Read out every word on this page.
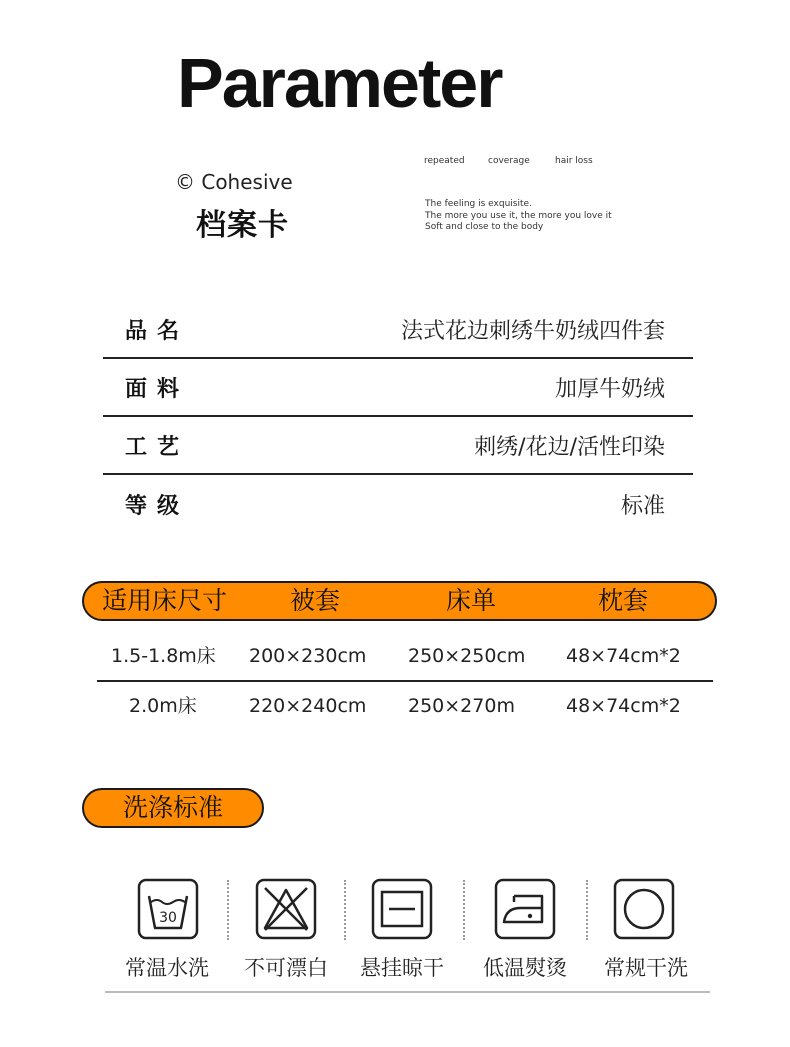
Parameter
© Cohesive
档案卡
repeated	coverage	hair loss
The feeling is exquisite.
The more you use it, the more you love it
Soft and close to the body
品名	法式花边刺绣牛奶绒四件套
面料	加厚牛奶绒
工艺	刺绣/花边/活性印染
等级	标准
适用床尺寸	被套	床单	枕套
1.5-1.8m床 200×230cm 250×250cm 48×74cm*2
2.0m床	220×240cm 250×270m	48×74cm*2
洗涤标准
30
常温水洗	不可漂白	悬挂晾干	低温熨烫	常规干洗
